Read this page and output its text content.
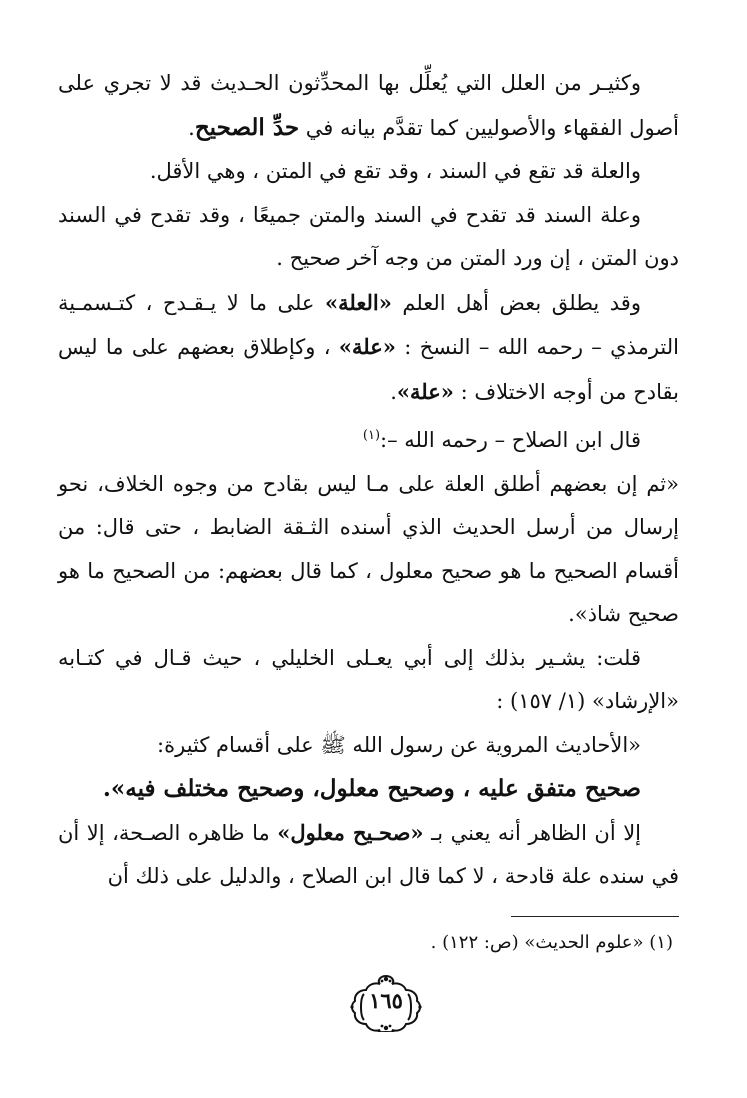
وكثيـر من العلل التي يُعلِّل بها المحدِّثون الحـديث قد لا تجري على أصول الفقهاء والأصوليين كما تقدَّم بيانه في حدِّ الصحيح.

والعلة قد تقع في السند ، وقد تقع في المتن ، وهي الأقل.

وعلة السند قد تقدح في السند والمتن جميعًا ، وقد تقدح في السند دون المتن ، إن ورد المتن من وجه آخر صحيح .

وقد يطلق بعض أهل العلم «العلة» على ما لا يـقـدح ، كتـسمـية الترمذي – رحمه الله – النسخ : «علة» ، وكإطلاق بعضهم على ما ليس بقادح من أوجه الاختلاف : «علة».

قال ابن الصلاح – رحمه الله –:$^{(١)}$

«ثم إن بعضهم أطلق العلة على مـا ليس بقادح من وجوه الخلاف، نحو إرسال من أرسل الحديث الذي أسنده الثـقة الضابط ، حتى قال: من أقسام الصحيح ما هو صحيح معلول ، كما قال بعضهم: من الصحيح ما هو صحيح شاذ».

قلت: يشـير بذلك إلى أبي يعـلى الخليلي ، حيث قـال في كتـابه «الإرشاد» (١/ ١٥٧) :

«الأحاديث المروية عن رسول الله ﷺ على أقسام كثيرة:

صحيح متفق عليه ، وصحيح معلول، وصحيح مختلف فيه».

إلا أن الظاهر أنه يعني بـ «صحـيح معلول» ما ظاهره الصـحة، إلا أن في سنده علة قادحة ، لا كما قال ابن الصلاح ، والدليل على ذلك أن

(١) «علوم الحديث» (ص: ١٢٢) .
١٦٥
